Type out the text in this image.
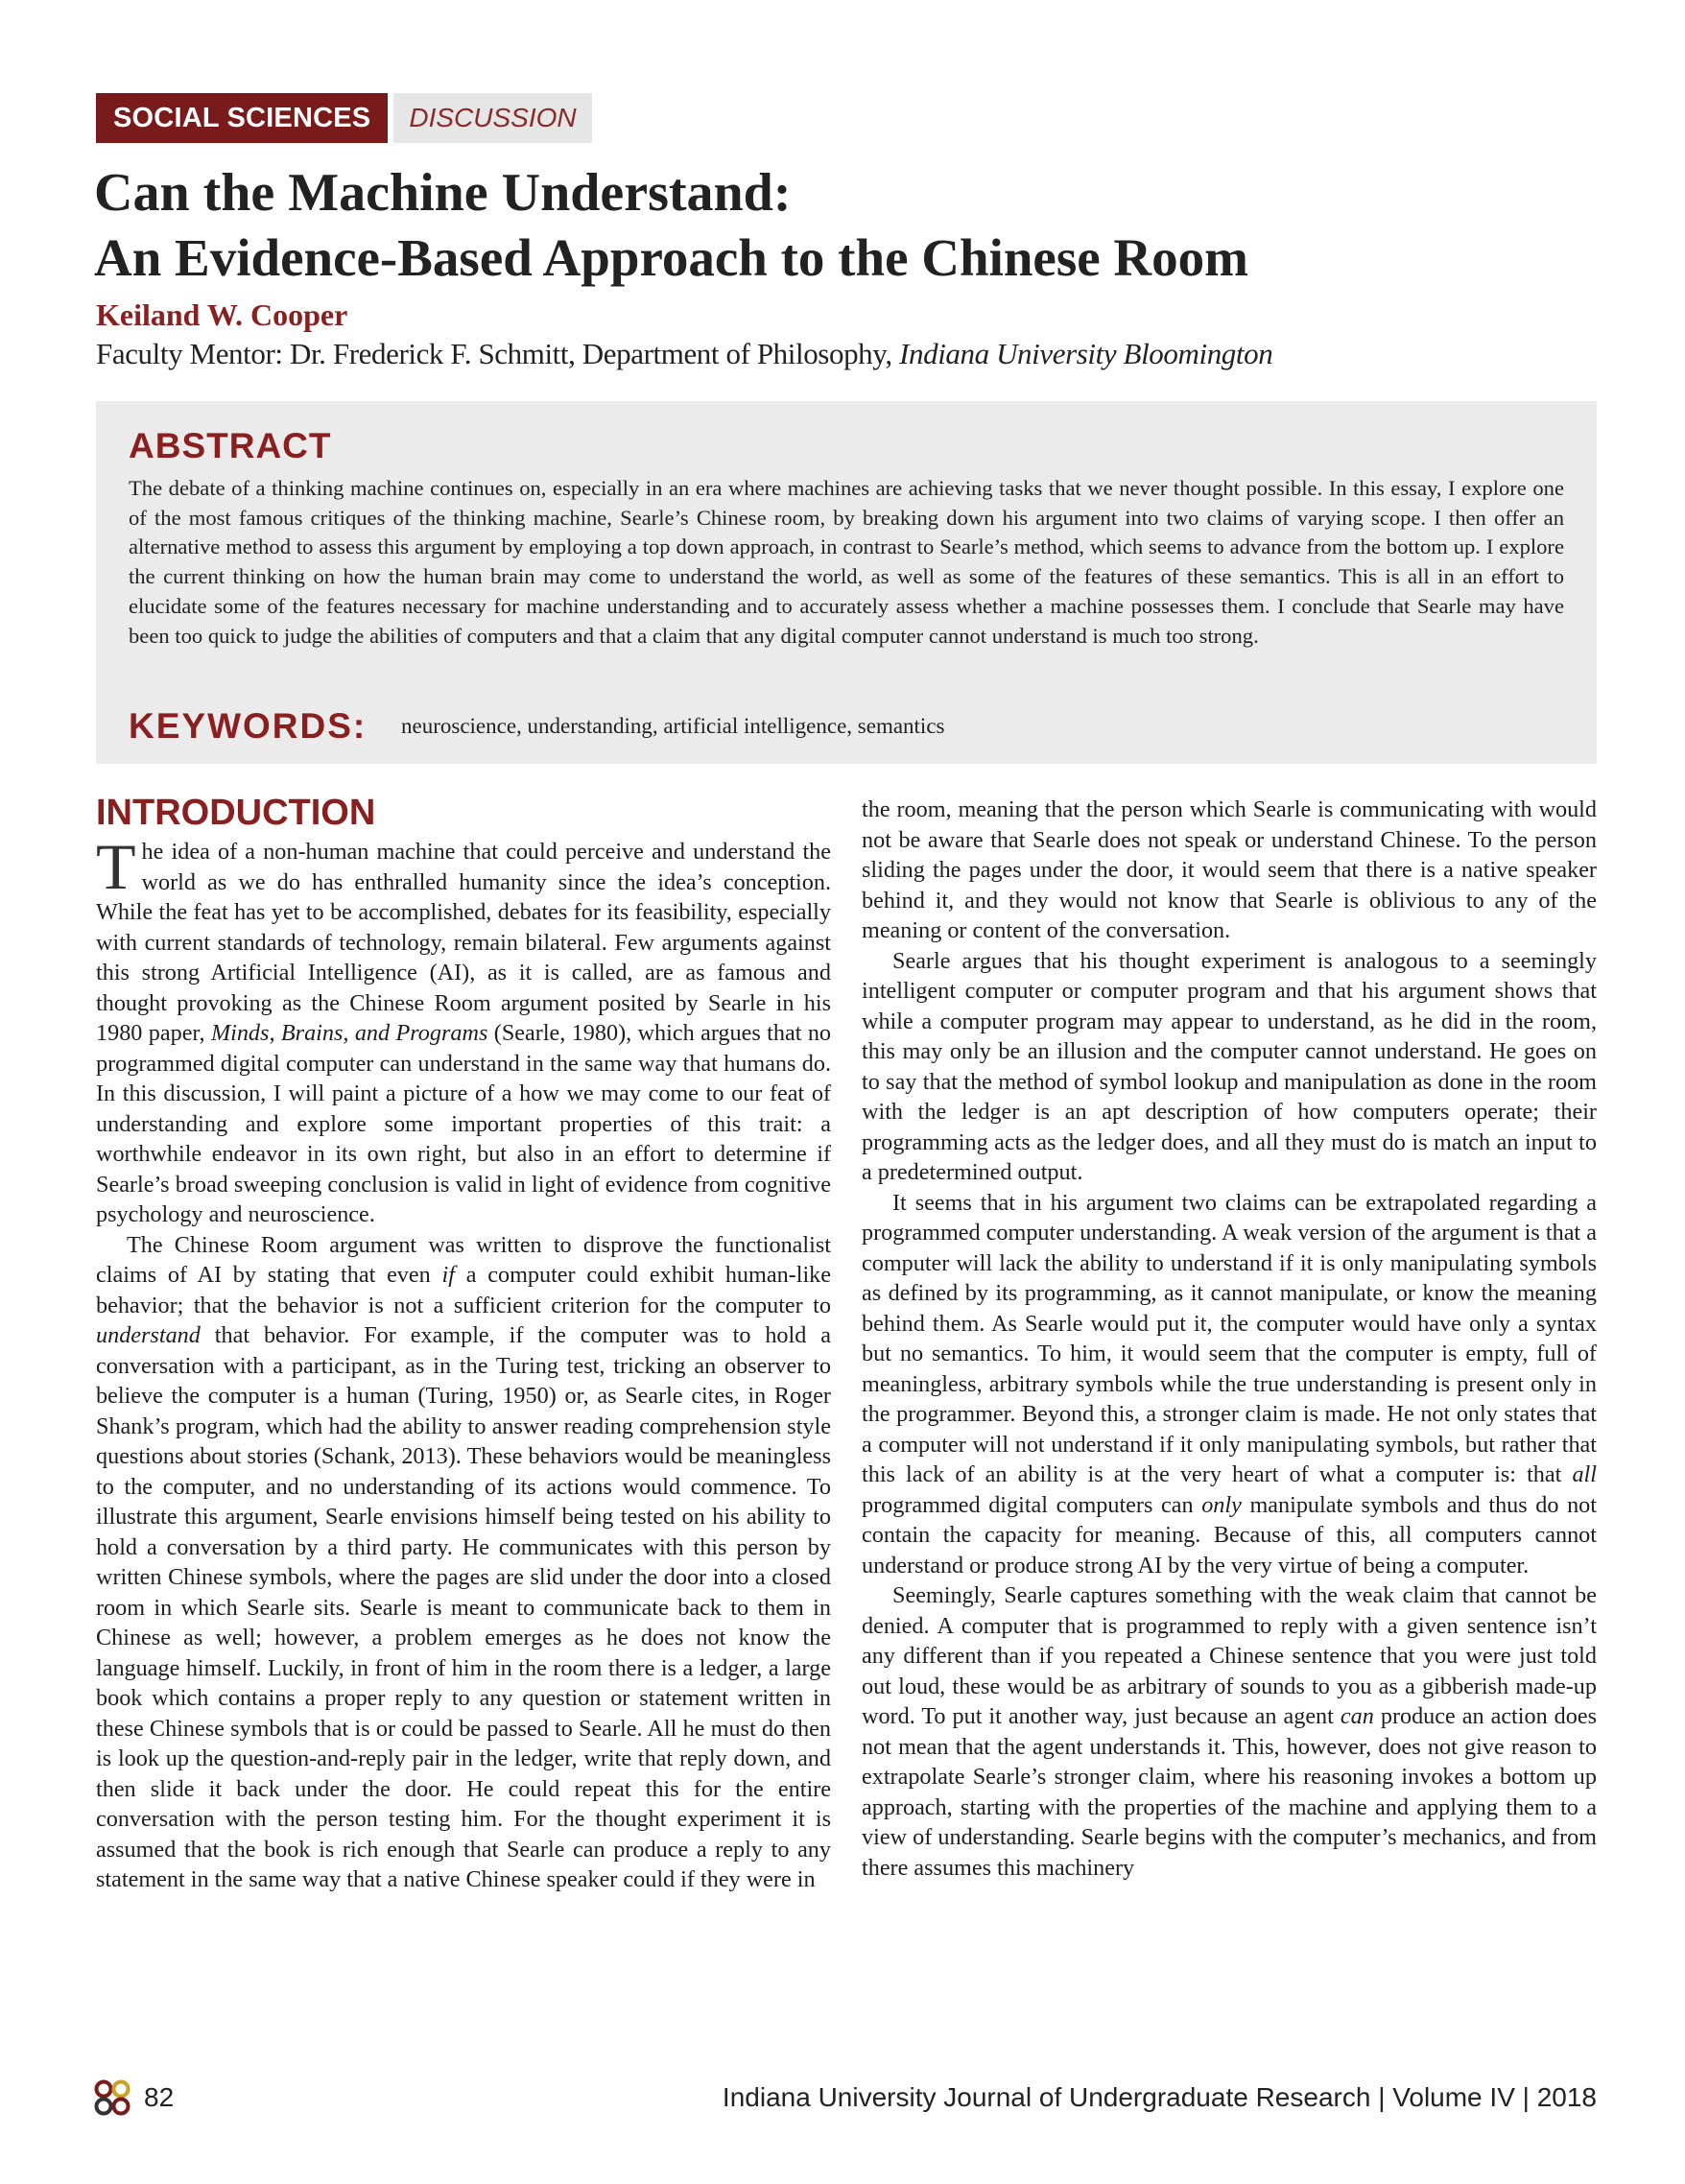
SOCIAL SCIENCES	DISCUSSION
Can the Machine Understand:
An Evidence-Based Approach to the Chinese Room
Keiland W. Cooper
Faculty Mentor: Dr. Frederick F. Schmitt, Department of Philosophy, Indiana University Bloomington
ABSTRACT

The debate of a thinking machine continues on, especially in an era where machines are achieving tasks that we never thought possible. In this essay, I explore one of the most famous critiques of the thinking machine, Searle’s Chinese room, by breaking down his argument into two claims of varying scope. I then offer an alternative method to assess this argument by employing a top down approach, in contrast to Searle’s method, which seems to advance from the bottom up. I explore the current thinking on how the human brain may come to understand the world, as well as some of the features of these semantics. This is all in an effort to elucidate some of the features necessary for machine understanding and to accurately assess whether a machine possesses them. I conclude that Searle may have been too quick to judge the abilities of computers and that a claim that any digital computer cannot understand is much too strong.

KEYWORDS: neuroscience, understanding, artificial intelligence, semantics
INTRODUCTION

The idea of a non-human machine that could perceive and understand the world as we do has enthralled humanity since the idea’s conception. While the feat has yet to be accomplished, debates for its feasibility, especially with current standards of technology, remain bilateral. Few arguments against this strong Artificial Intelligence (AI), as it is called, are as famous and thought provoking as the Chinese Room argument posited by Searle in his 1980 paper, Minds, Brains, and Programs (Searle, 1980), which argues that no programmed digital computer can understand in the same way that humans do. In this discussion, I will paint a picture of a how we may come to our feat of understanding and explore some important properties of this trait: a worthwhile endeavor in its own right, but also in an effort to determine if Searle’s broad sweeping conclusion is valid in light of evidence from cognitive psychology and neuroscience.

The Chinese Room argument was written to disprove the functionalist claims of AI by stating that even if a computer could exhibit human-like behavior; that the behavior is not a sufficient criterion for the computer to understand that behavior. For example, if the computer was to hold a conversation with a participant, as in the Turing test, tricking an observer to believe the computer is a human (Turing, 1950) or, as Searle cites, in Roger Shank’s program, which had the ability to answer reading comprehension style questions about stories (Schank, 2013). These behaviors would be meaningless to the computer, and no understanding of its actions would commence. To illustrate this argument, Searle envisions himself being tested on his ability to hold a conversation by a third party. He communicates with this person by written Chinese symbols, where the pages are slid under the door into a closed room in which Searle sits. Searle is meant to communicate back to them in Chinese as well; however, a problem emerges as he does not know the language himself. Luckily, in front of him in the room there is a ledger, a large book which contains a proper reply to any question or statement written in these Chinese symbols that is or could be passed to Searle. All he must do then is look up the question-and-reply pair in the ledger, write that reply down, and then slide it back under the door. He could repeat this for the entire conversation with the person testing him. For the thought experiment it is assumed that the book is rich enough that Searle can produce a reply to any statement in the same way that a native Chinese speaker could if they were in

the room, meaning that the person which Searle is communicating with would not be aware that Searle does not speak or understand Chinese. To the person sliding the pages under the door, it would seem that there is a native speaker behind it, and they would not know that Searle is oblivious to any of the meaning or content of the conversation.

Searle argues that his thought experiment is analogous to a seemingly intelligent computer or computer program and that his argument shows that while a computer program may appear to understand, as he did in the room, this may only be an illusion and the computer cannot understand. He goes on to say that the method of symbol lookup and manipulation as done in the room with the ledger is an apt description of how computers operate; their programming acts as the ledger does, and all they must do is match an input to a predetermined output.

It seems that in his argument two claims can be extrapolated regarding a programmed computer understanding. A weak version of the argument is that a computer will lack the ability to understand if it is only manipulating symbols as defined by its programming, as it cannot manipulate, or know the meaning behind them. As Searle would put it, the computer would have only a syntax but no semantics. To him, it would seem that the computer is empty, full of meaningless, arbitrary symbols while the true understanding is present only in the programmer. Beyond this, a stronger claim is made. He not only states that a computer will not understand if it only manipulating symbols, but rather that this lack of an ability is at the very heart of what a computer is: that all programmed digital computers can only manipulate symbols and thus do not contain the capacity for meaning. Because of this, all computers cannot understand or produce strong AI by the very virtue of being a computer.

Seemingly, Searle captures something with the weak claim that cannot be denied. A computer that is programmed to reply with a given sentence isn’t any different than if you repeated a Chinese sentence that you were just told out loud, these would be as arbitrary of sounds to you as a gibberish made-up word. To put it another way, just because an agent can produce an action does not mean that the agent understands it. This, however, does not give reason to extrapolate Searle’s stronger claim, where his reasoning invokes a bottom up approach, starting with the properties of the machine and applying them to a view of understanding. Searle begins with the computer’s mechanics, and from there assumes this machinery

82	Indiana University Journal of Undergraduate Research | Volume IV | 2018
